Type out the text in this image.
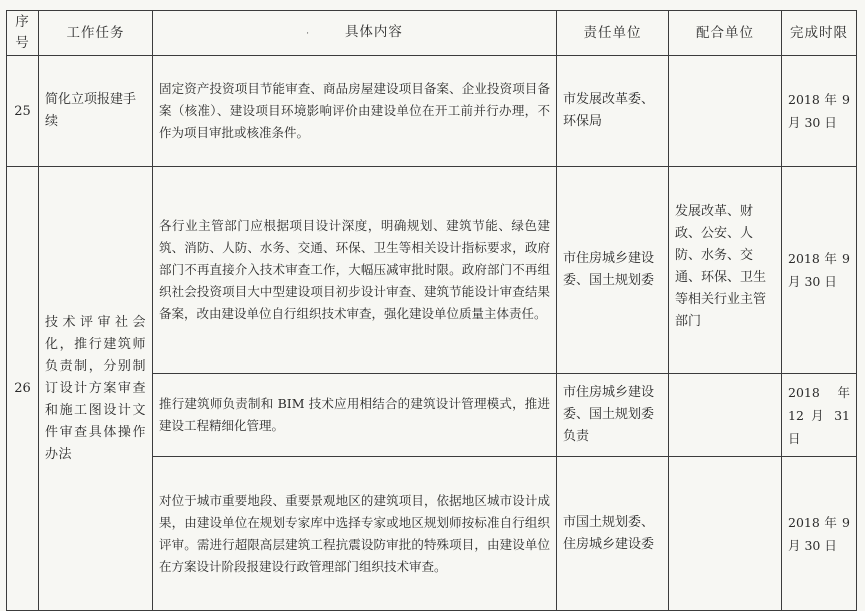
序号	工作任务	· 具体内容	责任单位	配合单位	完成时限
25	简化立项报建手续	固定资产投资项目节能审查、商品房屋建设项目备案、企业投资项目备案（核准）、建设项目环境影响评价由建设单位在开工前并行办理，不作为项目审批或核准条件。	市发展改革委、环保局		2018 年 9 月 30 日
26	技术评审社会化，推行建筑师负责制，分别制订设计方案审查和施工图设计文件审查具体操作办法	各行业主管部门应根据项目设计深度，明确规划、建筑节能、绿色建筑、消防、人防、水务、交通、环保、卫生等相关设计指标要求，政府部门不再直接介入技术审查工作，大幅压减审批时限。政府部门不再组织社会投资项目大中型建设项目初步设计审查、建筑节能设计审查结果备案，改由建设单位自行组织技术审查，强化建设单位质量主体责任。	市住房城乡建设委、国土规划委	发展改革、财政、公安、人防、水务、交通、环保、卫生等相关行业主管部门	2018 年 9 月 30 日
		推行建筑师负责制和 BIM 技术应用相结合的建筑设计管理模式，推进建设工程精细化管理。	市住房城乡建设委、国土规划委负责		2018 年 12 月 31 日
		对位于城市重要地段、重要景观地区的建筑项目，依据地区城市设计成果，由建设单位在规划专家库中选择专家或地区规划师按标准自行组织评审。需进行超限高层建筑工程抗震设防审批的特殊项目，由建设单位在方案设计阶段报建设行政管理部门组织技术审查。	市国土规划委、住房城乡建设委		2018 年 9 月 30 日
